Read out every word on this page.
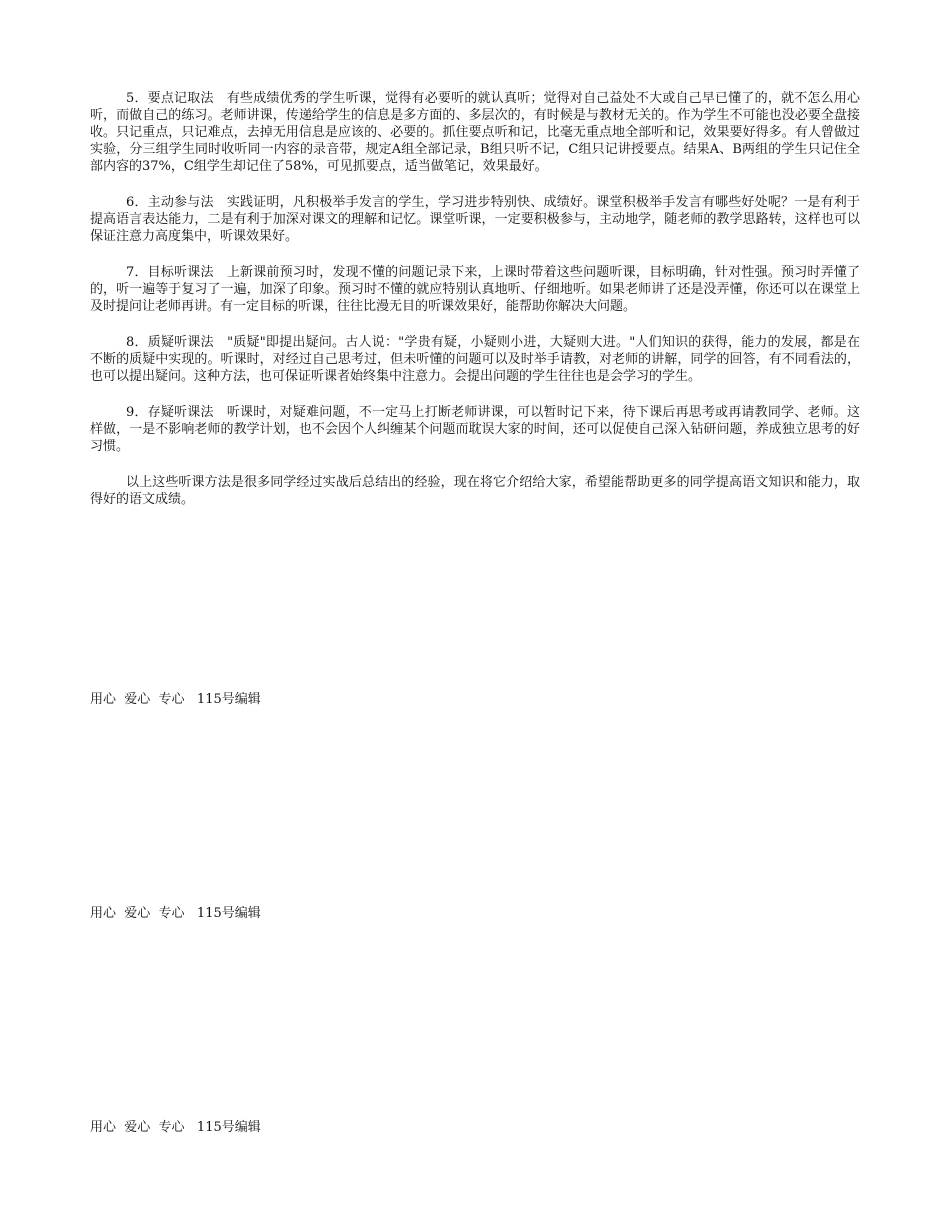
5．要点记取法　有些成绩优秀的学生听课，觉得有必要听的就认真听；觉得对自己益处不大或自己早已懂了的，就不怎么用心听，而做自己的练习。老师讲课，传递给学生的信息是多方面的、多层次的，有时候是与教材无关的。作为学生不可能也没必要全盘接收。只记重点，只记难点，去掉无用信息是应该的、必要的。抓住要点听和记，比毫无重点地全部听和记，效果要好得多。有人曾做过实验，分三组学生同时收听同一内容的录音带，规定A组全部记录，B组只听不记，C组只记讲授要点。结果A、B两组的学生只记住全部内容的37%，C组学生却记住了58%，可见抓要点，适当做笔记，效果最好。

6．主动参与法　实践证明，凡积极举手发言的学生，学习进步特别快、成绩好。课堂积极举手发言有哪些好处呢？一是有利于提高语言表达能力，二是有利于加深对课文的理解和记忆。课堂听课，一定要积极参与，主动地学，随老师的教学思路转，这样也可以保证注意力高度集中，听课效果好。

7．目标听课法　上新课前预习时，发现不懂的问题记录下来，上课时带着这些问题听课，目标明确，针对性强。预习时弄懂了的，听一遍等于复习了一遍，加深了印象。预习时不懂的就应特别认真地听、仔细地听。如果老师讲了还是没弄懂，你还可以在课堂上及时提问让老师再讲。有一定目标的听课，往往比漫无目的听课效果好，能帮助你解决大问题。

8．质疑听课法　"质疑"即提出疑问。古人说："学贵有疑，小疑则小进，大疑则大进。"人们知识的获得，能力的发展，都是在不断的质疑中实现的。听课时，对经过自己思考过，但未听懂的问题可以及时举手请教，对老师的讲解，同学的回答，有不同看法的，也可以提出疑问。这种方法，也可保证听课者始终集中注意力。会提出问题的学生往往也是会学习的学生。

9．存疑听课法　听课时，对疑难问题，不一定马上打断老师讲课，可以暂时记下来，待下课后再思考或再请教同学、老师。这样做，一是不影响老师的教学计划，也不会因个人纠缠某个问题而耽误大家的时间，还可以促使自己深入钻研问题，养成独立思考的好习惯。

以上这些听课方法是很多同学经过实战后总结出的经验，现在将它介绍给大家，希望能帮助更多的同学提高语文知识和能力，取得好的语文成绩。

用心  爱心  专心   115号编辑
用心  爱心  专心   115号编辑
用心  爱心  专心   115号编辑
